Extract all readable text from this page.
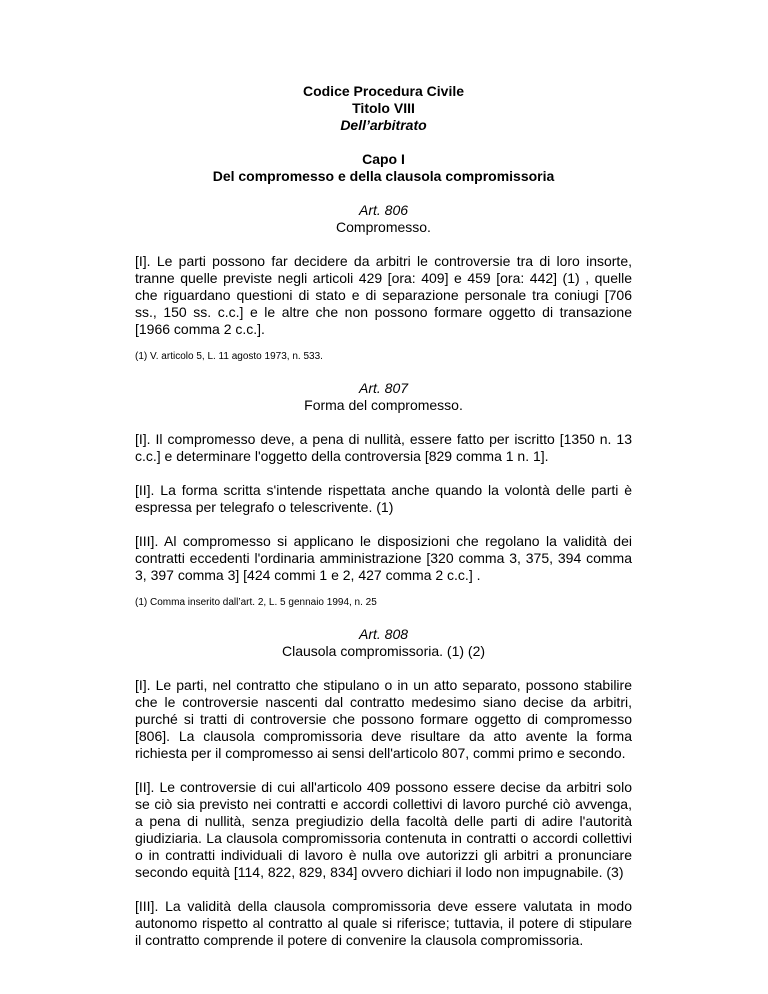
Codice Procedura Civile
Titolo VIII
Dell’arbitrato
Capo I
Del compromesso e della clausola compromissoria
Art. 806
Compromesso.

[I]. Le parti possono far decidere da arbitri le controversie tra di loro insorte, tranne quelle previste negli articoli 429 [ora: 409] e 459 [ora: 442] (1) , quelle che riguardano questioni di stato e di separazione personale tra coniugi [706 ss., 150 ss. c.c.] e le altre che non possono formare oggetto di transazione [1966 comma 2 c.c.].

(1) V. articolo 5, L. 11 agosto 1973, n. 533.
Art. 807
Forma del compromesso.

[I]. Il compromesso deve, a pena di nullità, essere fatto per iscritto [1350 n. 13 c.c.] e determinare l'oggetto della controversia [829 comma 1 n. 1].

[II]. La forma scritta s'intende rispettata anche quando la volontà delle parti è espressa per telegrafo o telescrivente. (1)

[III]. Al compromesso si applicano le disposizioni che regolano la validità dei contratti eccedenti l'ordinaria amministrazione [320 comma 3, 375, 394 comma 3, 397 comma 3] [424 commi 1 e 2, 427 comma 2 c.c.] .

(1) Comma inserito dall’art. 2, L. 5 gennaio 1994, n. 25
Art. 808
Clausola compromissoria. (1) (2)

[I]. Le parti, nel contratto che stipulano o in un atto separato, possono stabilire che le controversie nascenti dal contratto medesimo siano decise da arbitri, purché si tratti di controversie che possono formare oggetto di compromesso [806]. La clausola compromissoria deve risultare da atto avente la forma richiesta per il compromesso ai sensi dell'articolo 807, commi primo e secondo.

[II]. Le controversie di cui all'articolo 409 possono essere decise da arbitri solo se ciò sia previsto nei contratti e accordi collettivi di lavoro purché ciò avvenga, a pena di nullità, senza pregiudizio della facoltà delle parti di adire l'autorità giudiziaria. La clausola compromissoria contenuta in contratti o accordi collettivi o in contratti individuali di lavoro è nulla ove autorizzi gli arbitri a pronunciare secondo equità [114, 822, 829, 834] ovvero dichiari il lodo non impugnabile. (3)

[III]. La validità della clausola compromissoria deve essere valutata in modo autonomo rispetto al contratto al quale si riferisce; tuttavia, il potere di stipulare il contratto comprende il potere di convenire la clausola compromissoria.
